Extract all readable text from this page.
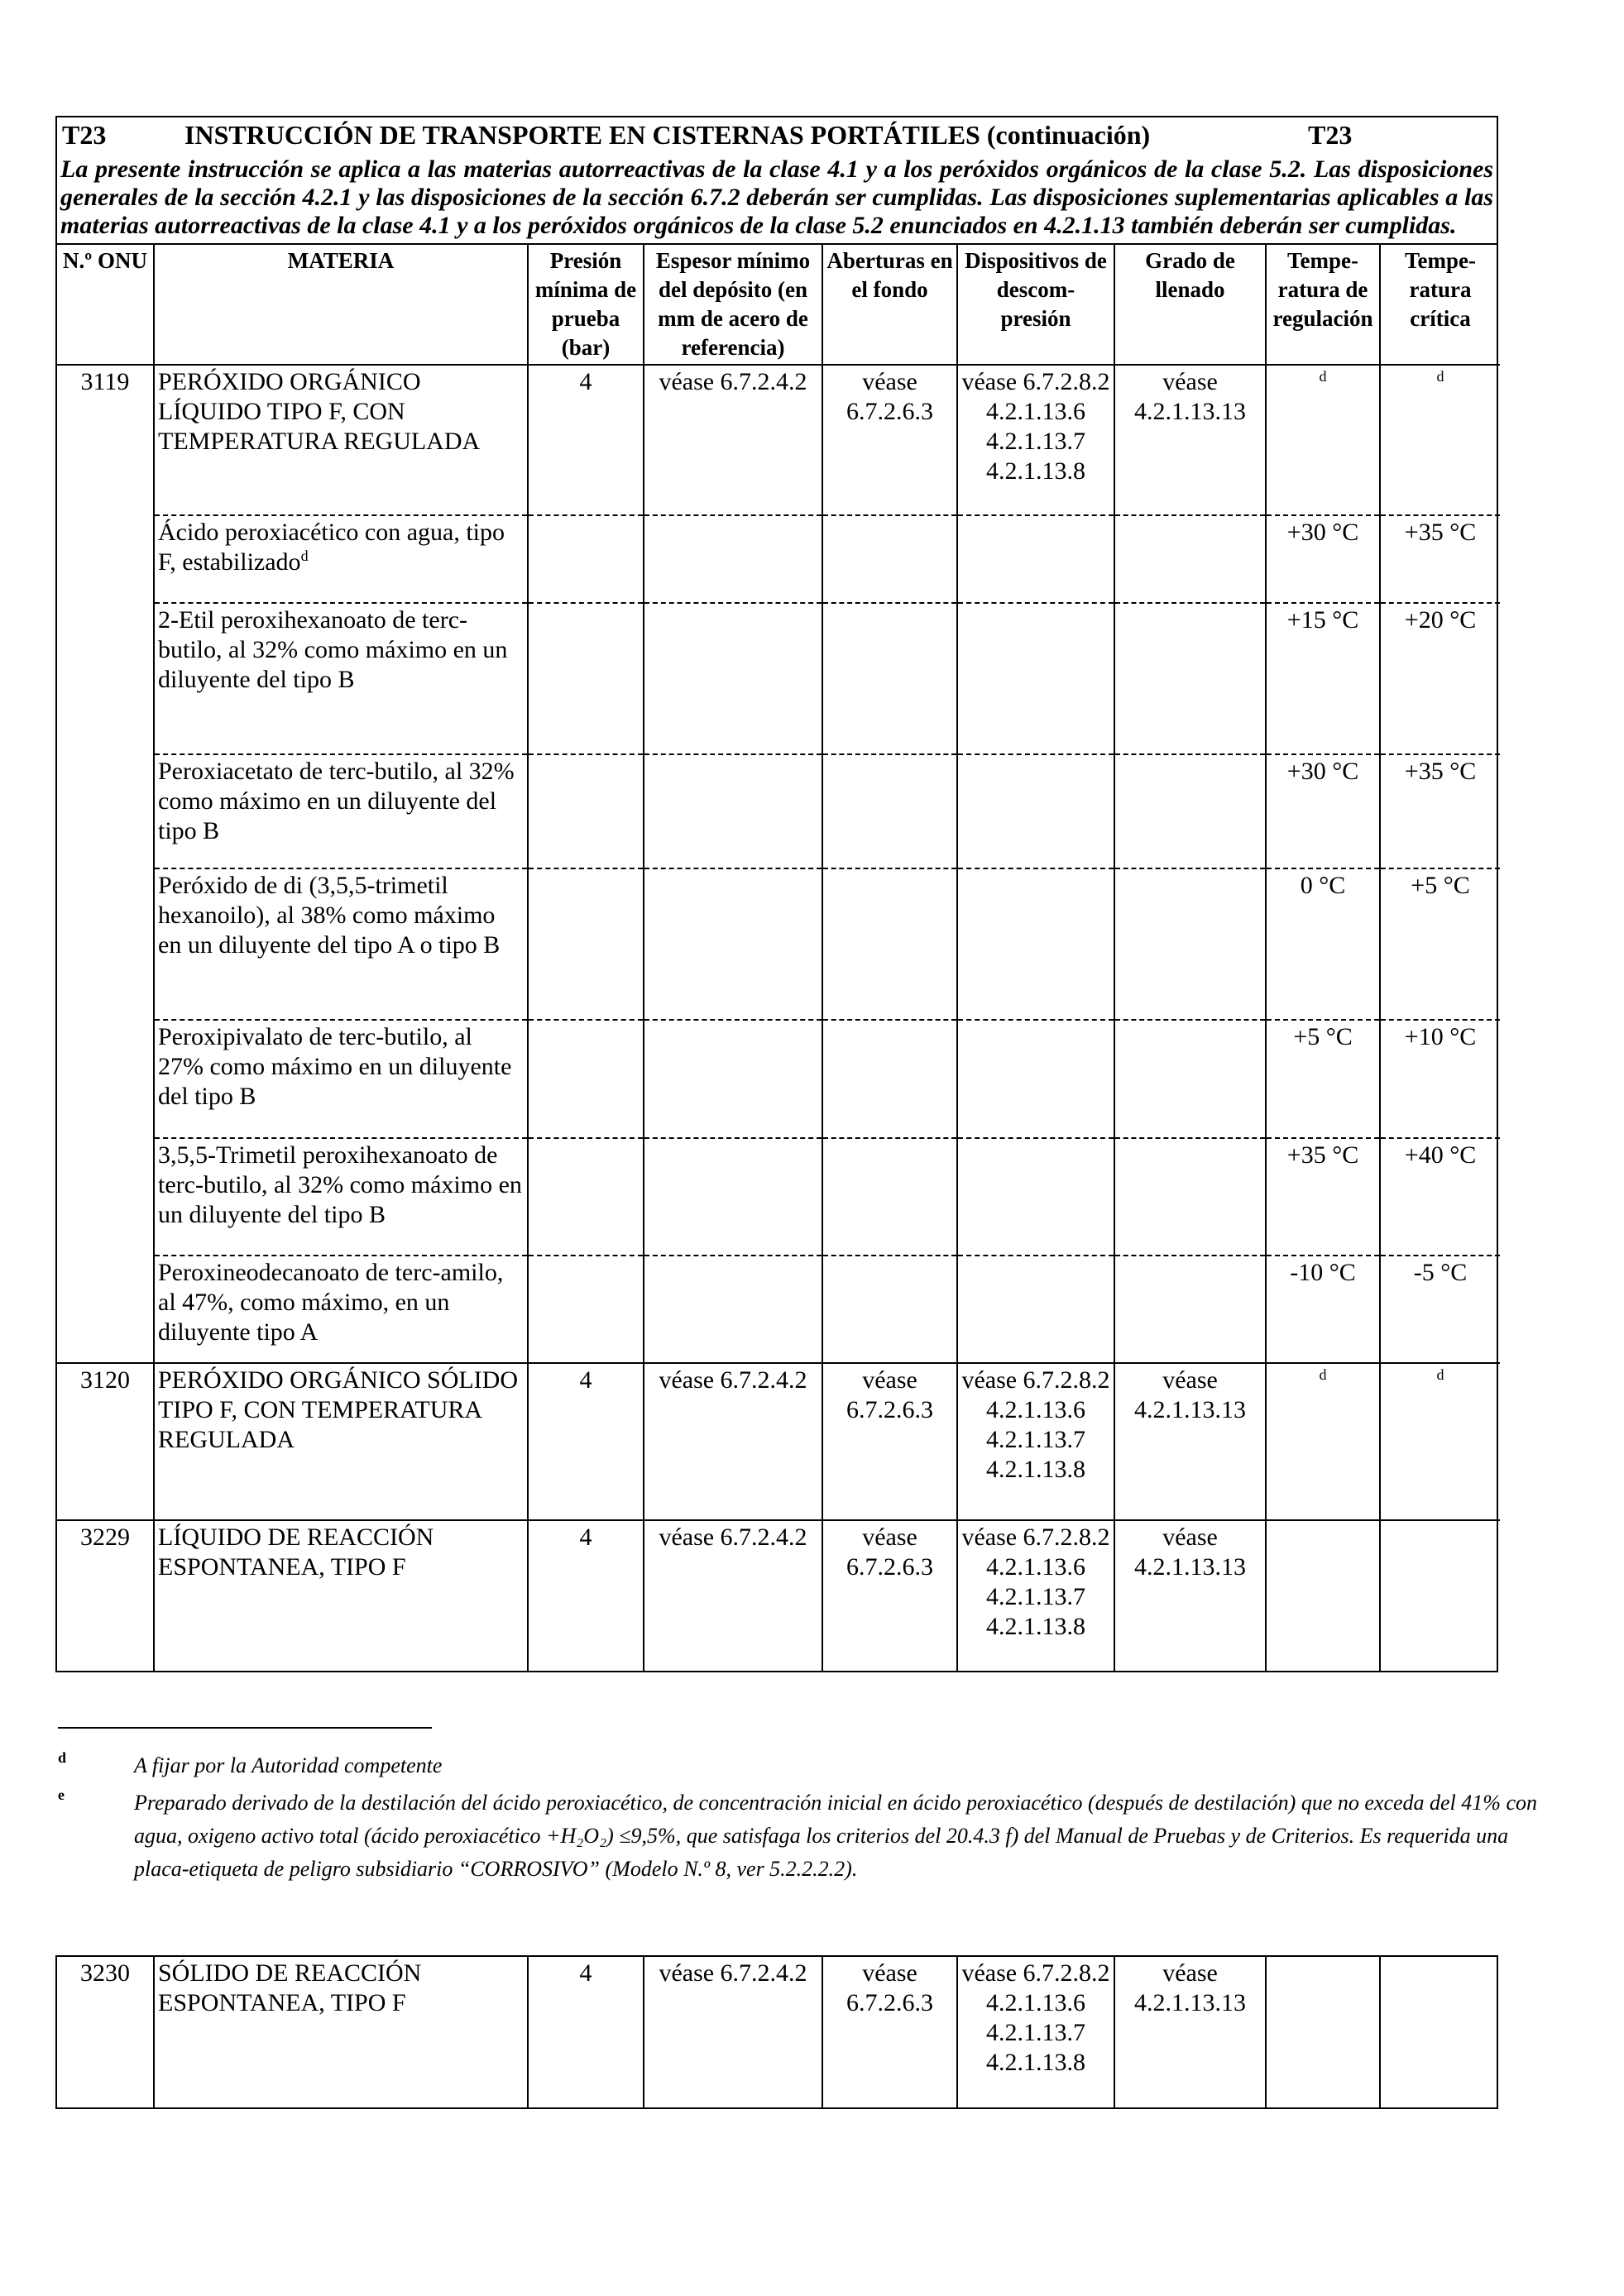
T23	INSTRUCCIÓN DE TRANSPORTE EN CISTERNAS PORTÁTILES (continuación)	T23
La presente instrucción se aplica a las materias autorreactivas de la clase 4.1 y a los peróxidos orgánicos de la clase 5.2. Las disposiciones generales de la sección 4.2.1 y las disposiciones de la sección 6.7.2 deberán ser cumplidas. Las disposiciones suplementarias aplicables a las materias autorreactivas de la clase 4.1 y a los peróxidos orgánicos de la clase 5.2 enunciados en 4.2.1.13 también deberán ser cumplidas.
N.º ONU	MATERIA	Presión mínima de prueba (bar)	Espesor mínimo del depósito (en mm de acero de referencia)	Aberturas en el fondo	Dispositivos de descom- presión	Grado de llenado	Tempe- ratura de regulación	Tempe- ratura crítica
3119	PERÓXIDO ORGÁNICO LÍQUIDO TIPO F, CON TEMPERATURA REGULADA	4	véase 6.7.2.4.2	véase 6.7.2.6.3	véase 6.7.2.8.2 4.2.1.13.6 4.2.1.13.7 4.2.1.13.8	véase 4.2.1.13.13	d	d
	Ácido peroxiacético con agua, tipo F, estabilizado$^d$						+30 °C	+35 °C
	2-Etil peroxihexanoato de terc-butilo, al 32% como máximo en un diluyente del tipo B						+15 °C	+20 °C
	Peroxiacetato de terc-butilo, al 32% como máximo en un diluyente del tipo B						+30 °C	+35 °C
	Peróxido de di (3,5,5-trimetil hexanoilo), al 38% como máximo en un diluyente del tipo A o tipo B						0 °C	+5 °C
	Peroxipivalato de terc-butilo, al 27% como máximo en un diluyente del tipo B						+5 °C	+10 °C
	3,5,5-Trimetil peroxihexanoato de terc-butilo, al 32% como máximo en un diluyente del tipo B						+35 °C	+40 °C
	Peroxineodecanoato de terc-amilo, al 47%, como máximo, en un diluyente tipo A						-10 °C	-5 °C
3120	PERÓXIDO ORGÁNICO SÓLIDO TIPO F, CON TEMPERATURA REGULADA	4	véase 6.7.2.4.2	véase 6.7.2.6.3	véase 6.7.2.8.2 4.2.1.13.6 4.2.1.13.7 4.2.1.13.8	véase 4.2.1.13.13	d	d
3229	LÍQUIDO DE REACCIÓN ESPONTANEA, TIPO F	4	véase 6.7.2.4.2	véase 6.7.2.6.3	véase 6.7.2.8.2 4.2.1.13.6 4.2.1.13.7 4.2.1.13.8	véase 4.2.1.13.13		
d	A fijar por la Autoridad competente
e	Preparado derivado de la destilación del ácido peroxiacético, de concentración inicial en ácido peroxiacético (después de destilación) que no exceda del 41% con agua, oxigeno activo total (ácido peroxiacético +H₂O₂) ≤9,5%, que satisfaga los criterios del 20.4.3 f) del Manual de Pruebas y de Criterios. Es requerida una placa-etiqueta de peligro subsidiario “CORROSIVO” (Modelo N.º 8, ver 5.2.2.2.2).
3230	SÓLIDO DE REACCIÓN ESPONTANEA, TIPO F	4	véase 6.7.2.4.2	véase 6.7.2.6.3	véase 6.7.2.8.2 4.2.1.13.6 4.2.1.13.7 4.2.1.13.8	véase 4.2.1.13.13		
